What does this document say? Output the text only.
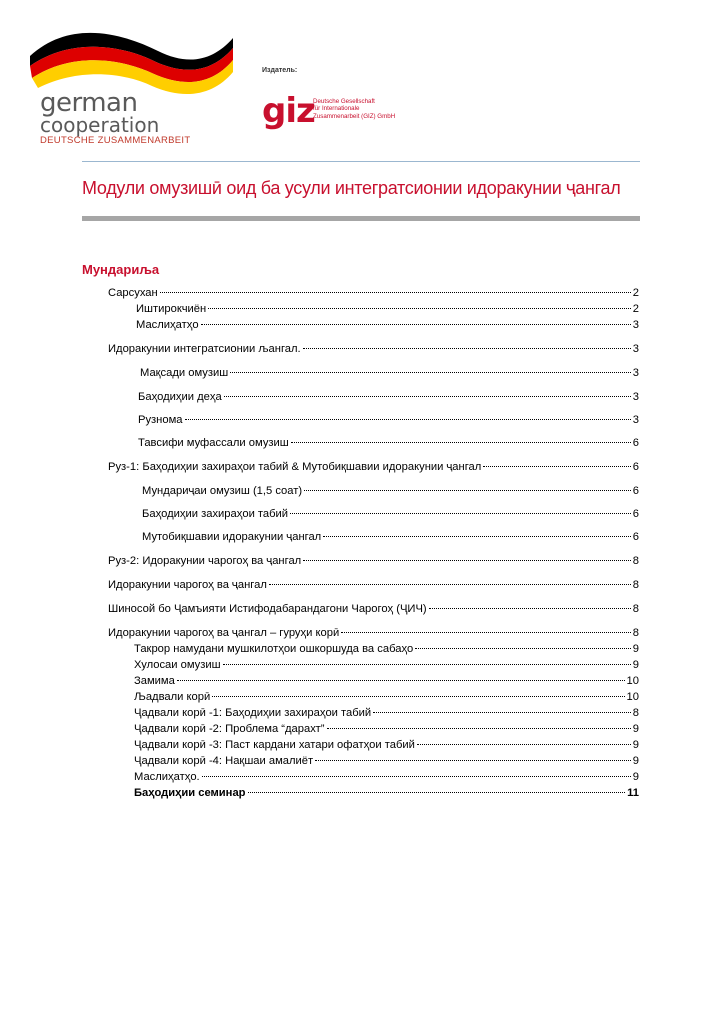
german
cooperation
DEUTSCHE ZUSAMMENARBEIT
Издатель:
giz
Deutsche Gesellschaft
für Internationale
Zusammenarbeit (GIZ) GmbH
Модули омузишӣ оид ба усули интегратсионии идоракунии ҷангал
Мундариља
Сарсухан	2
Иштирокчиён	2
Маслиҳатҳо	3
Идоракунии интегратсионии љангал.	3
Мақсади омузиш	3
Баҳодиҳии деҳа	3
Рузнома	3
Тавсифи муфассали омузиш	6
Руз-1: Баҳодиҳии захираҳои табий & Мутобиқшавии идоракунии ҷангал	6
Мундариҷаи омузиш (1,5 соат)	6
Баҳодиҳии захираҳои табий	6
Мутобиқшавии идоракунии ҷангал	6
Руз-2: Идоракунии чарогоҳ ва ҷангал	8
Идоракунии чарогоҳ ва ҷангал	8
Шиносой бо Ҷамъияти Истифодабарандагони Чарогоҳ (ҶИЧ)	8
Идоракунии чарогоҳ ва ҷангал – гуруҳи корӣ	8
Такрор намудани мушкилотҳои ошкоршуда ва сабаҳо	9
Хулосаи омузиш	9
Замима	10
Љадвали корӣ	10
Ҷадвали корӣ -1: Баҳодиҳии захираҳои табий	8
Ҷадвали корӣ -2: Проблема “дарахт”	9
Ҷадвали корӣ -3: Паст кардани хатари офатҳои табий	9
Ҷадвали корӣ -4: Нақшаи амалиёт	9
Маслиҳатҳо.	9
Баҳодиҳии семинар	11
